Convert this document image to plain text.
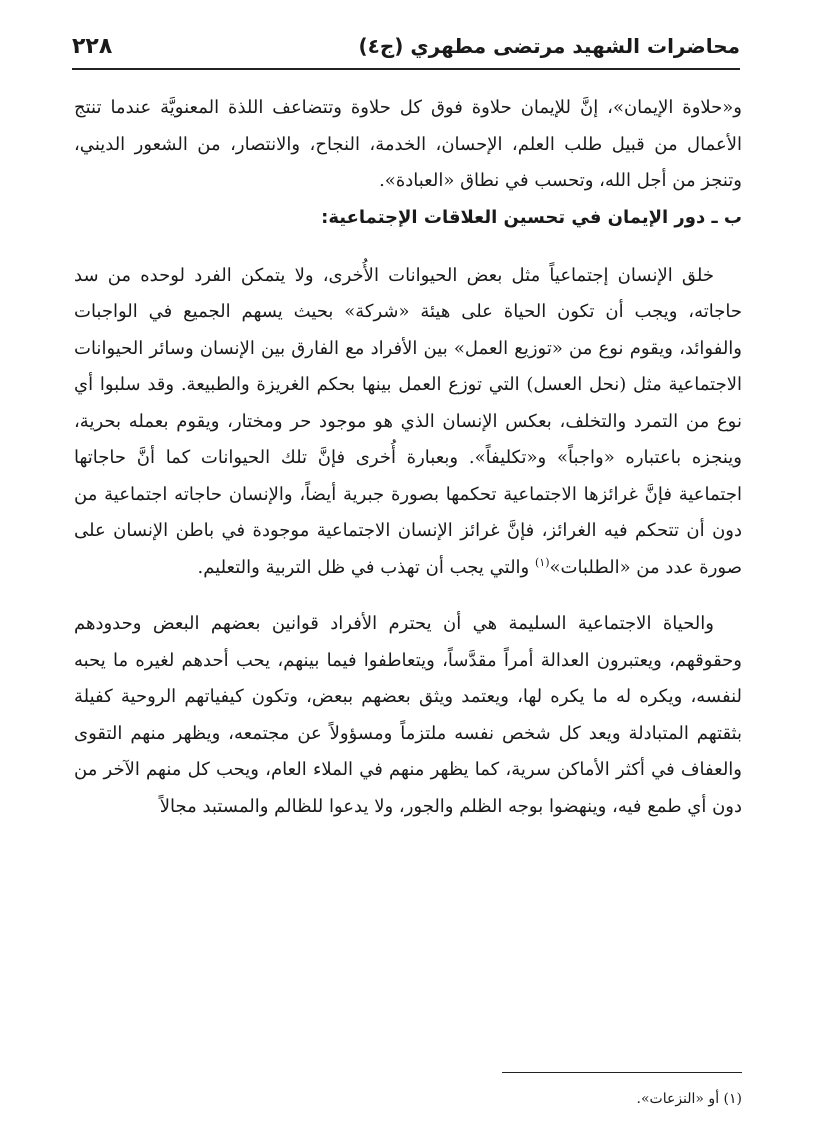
محاضرات الشهيد مرتضى مطهري (ج٤)
٢٢٨

و«حلاوة الإيمان»، إنَّ للإيمان حلاوة فوق كل حلاوة وتتضاعف اللذة المعنويَّة عندما تنتج الأعمال من قبيل طلب العلم، الإحسان، الخدمة، النجاح، والانتصار، من الشعور الديني، وتنجز من أجل الله، وتحسب في نطاق «العبادة».

ب ـ دور الإيمان في تحسين العلاقات الإجتماعية:

خلق الإنسان إجتماعياً مثل بعض الحيوانات الأُخرى، ولا يتمكن الفرد لوحده من سد حاجاته، ويجب أن تكون الحياة على هيئة «شركة» بحيث يسهم الجميع في الواجبات والفوائد، ويقوم نوع من «توزيع العمل» بين الأفراد مع الفارق بين الإنسان وسائر الحيوانات الاجتماعية مثل (نحل العسل) التي توزع العمل بينها بحكم الغريزة والطبيعة. وقد سلبوا أي نوع من التمرد والتخلف، بعكس الإنسان الذي هو موجود حر ومختار، ويقوم بعمله بحرية، وينجزه باعتباره «واجباً» و«تكليفاً». وبعبارة أُخرى فإنَّ تلك الحيوانات كما أنَّ حاجاتها اجتماعية فإنَّ غرائزها الاجتماعية تحكمها بصورة جبرية أيضاً، والإنسان حاجاته اجتماعية من دون أن تتحكم فيه الغرائز، فإنَّ غرائز الإنسان الاجتماعية موجودة في باطن الإنسان على صورة عدد من «الطلبات»$^{(١)}$ والتي يجب أن تهذب في ظل التربية والتعليم.

والحياة الاجتماعية السليمة هي أن يحترم الأفراد قوانين بعضهم البعض وحدودهم وحقوقهم، ويعتبرون العدالة أمراً مقدَّساً، ويتعاطفوا فيما بينهم، يحب أحدهم لغيره ما يحبه لنفسه، ويكره له ما يكره لها، ويعتمد ويثق بعضهم ببعض، وتكون كيفياتهم الروحية كفيلة بثقتهم المتبادلة ويعد كل شخص نفسه ملتزماً ومسؤولاً عن مجتمعه، ويظهر منهم التقوى والعفاف في أكثر الأماكن سرية، كما يظهر منهم في الملاء العام، ويحب كل منهم الآخر من دون أي طمع فيه، وينهضوا بوجه الظلم والجور، ولا يدعوا للظالم والمستبد مجالاً

(١) أو «النزعات».
